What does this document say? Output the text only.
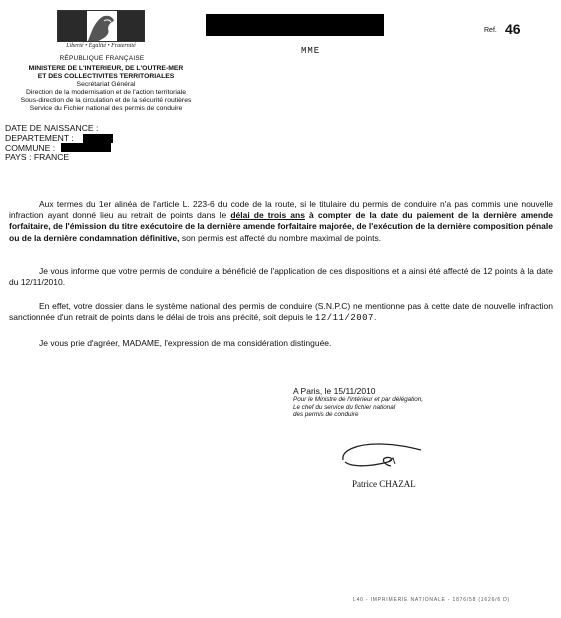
Liberté • Égalité • Fraternité
RÉPUBLIQUE FRANÇAISE
MINISTERE DE L'INTERIEUR, DE L'OUTRE-MER
ET DES COLLECTIVITES TERRITORIALES
Secrétariat Général
Direction de la modernisation et de l'action territoriale
Sous-direction de la circulation et de la sécurité routières
Service du Fichier national des permis de conduire
Ref. 46
MME
DATE DE NAISSANCE :
DEPARTEMENT :
COMMUNE :
PAYS : FRANCE
Aux termes du 1er alinéa de l'article L. 223-6 du code de la route, si le titulaire du permis de conduire n'a pas commis une nouvelle infraction ayant donné lieu au retrait de points dans le délai de trois ans à compter de la date du paiement de la dernière amende forfaitaire, de l'émission du titre exécutoire de la dernière amende forfaitaire majorée, de l'exécution de la dernière composition pénale ou de la dernière condamnation définitive, son permis est affecté du nombre maximal de points.
Je vous informe que votre permis de conduire a bénéficié de l'application de ces dispositions et a ainsi été affecté de 12 points à la date du 12/11/2010.
En effet, votre dossier dans le système national des permis de conduire (S.N.P.C) ne mentionne pas à cette date de nouvelle infraction sanctionnée d'un retrait de points dans le délai de trois ans précité, soit depuis le 12/11/2007.
Je vous prie d'agréer, MADAME, l'expression de ma considération distinguée.
A Paris, le 15/11/2010
Pour le Ministre de l'intérieur et par délégation,
Le chef du service du fichier national
des permis de conduire
Patrice CHAZAL
L40 - IMPRIMERIE NATIONALE - 1876/58 (1626/6 D)
